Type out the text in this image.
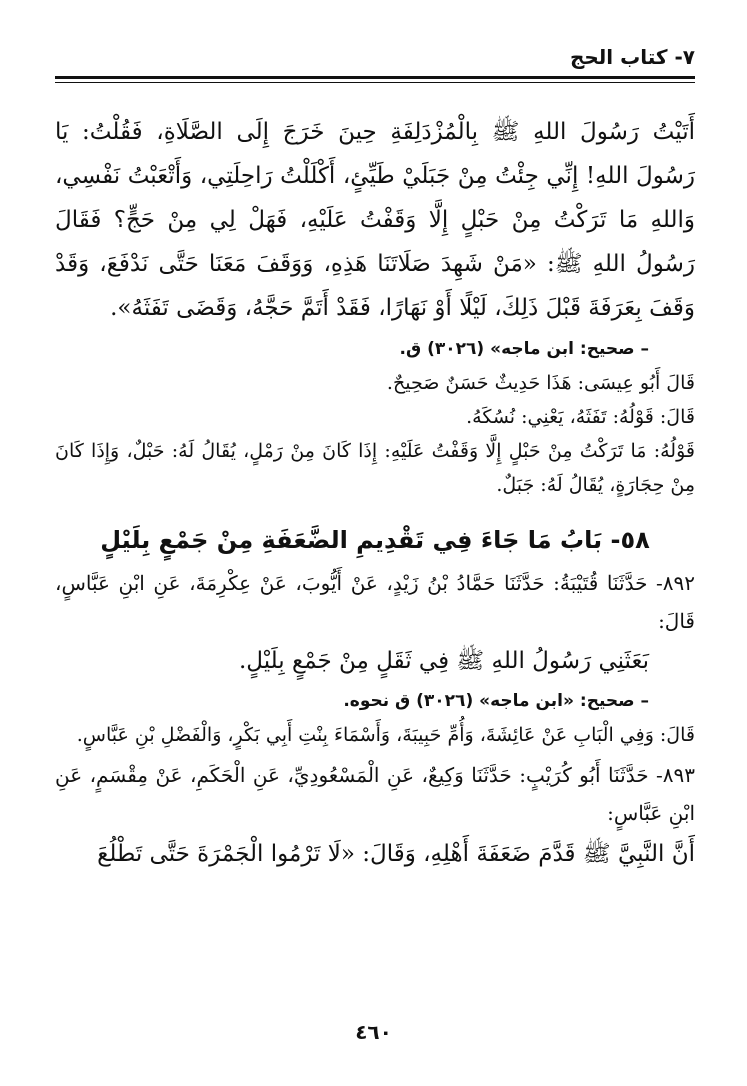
٧- كتاب الحج

أَتَيْتُ رَسُولَ اللهِ ﷺ بِالْمُزْدَلِفَةِ حِينَ خَرَجَ إِلَى الصَّلَاةِ، فَقُلْتُ: يَا رَسُولَ اللهِ! إِنِّي جِئْتُ مِنْ جَبَلَيْ طَيِّئٍ، أَكْلَلْتُ رَاحِلَتِي، وَأَتْعَبْتُ نَفْسِي، وَاللهِ مَا تَرَكْتُ مِنْ حَبْلٍ إِلَّا وَقَفْتُ عَلَيْهِ، فَهَلْ لِي مِنْ حَجٍّ؟ فَقَالَ رَسُولُ اللهِ ﷺ: «مَنْ شَهِدَ صَلَاتَنَا هَذِهِ، وَوَقَفَ مَعَنَا حَتَّى نَدْفَعَ، وَقَدْ وَقَفَ بِعَرَفَةَ قَبْلَ ذَلِكَ، لَيْلًا أَوْ نَهَارًا، فَقَدْ أَتَمَّ حَجَّهُ، وَقَضَى تَفَثَهُ».

– صحيح: ابن ماجه» (٣٠٢٦) ق.

قَالَ أَبُو عِيسَى: هَذَا حَدِيثٌ حَسَنٌ صَحِيحٌ.

قَالَ: قَوْلُهُ: تَفَثَهُ، يَعْنِي: نُسُكَهُ.

قَوْلُهُ: مَا تَرَكْتُ مِنْ حَبْلٍ إِلَّا وَقَفْتُ عَلَيْهِ: إِذَا كَانَ مِنْ رَمْلٍ، يُقَالُ لَهُ: حَبْلٌ، وَإِذَا كَانَ مِنْ حِجَارَةٍ، يُقَالُ لَهُ: جَبَلٌ.

٥٨- بَابُ مَا جَاءَ فِي تَقْدِيمِ الضَّعَفَةِ مِنْ جَمْعٍ بِلَيْلٍ

٨٩٢- حَدَّثَنَا قُتَيْبَةُ: حَدَّثَنَا حَمَّادُ بْنُ زَيْدٍ، عَنْ أَيُّوبَ، عَنْ عِكْرِمَةَ، عَنِ ابْنِ عَبَّاسٍ، قَالَ:

بَعَثَنِي رَسُولُ اللهِ ﷺ فِي ثَقَلٍ مِنْ جَمْعٍ بِلَيْلٍ.

– صحيح: «ابن ماجه» (٣٠٢٦) ق نحوه.

قَالَ: وَفِي الْبَابِ عَنْ عَائِشَةَ، وَأُمِّ حَبِيبَةَ، وَأَسْمَاءَ بِنْتِ أَبِي بَكْرٍ، وَالْفَضْلِ بْنِ عَبَّاسٍ.

٨٩٣- حَدَّثَنَا أَبُو كُرَيْبٍ: حَدَّثَنَا وَكِيعٌ، عَنِ الْمَسْعُودِيِّ، عَنِ الْحَكَمِ، عَنْ مِقْسَمٍ، عَنِ ابْنِ عَبَّاسٍ:

أَنَّ النَّبِيَّ ﷺ قَدَّمَ ضَعَفَةَ أَهْلِهِ، وَقَالَ: «لَا تَرْمُوا الْجَمْرَةَ حَتَّى تَطْلُعَ

٤٦٠
